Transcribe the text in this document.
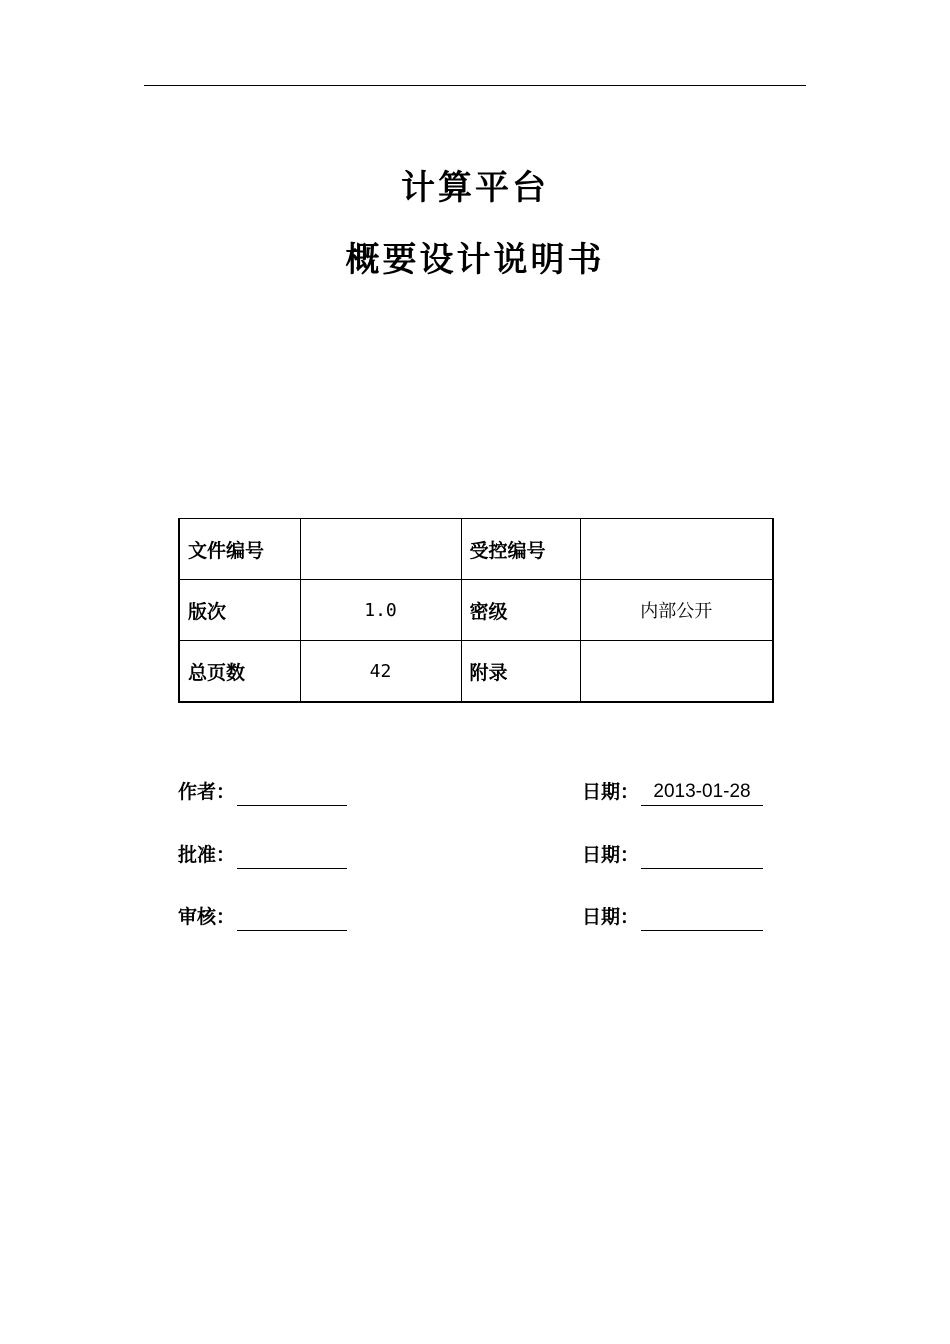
计算平台
概要设计说明书
文件编号		受控编号	
版次	1.0	密级	内部公开
总页数	42	附录	
作者：	日期： 2013-01-28
批准：	日期：
审核：	日期：
